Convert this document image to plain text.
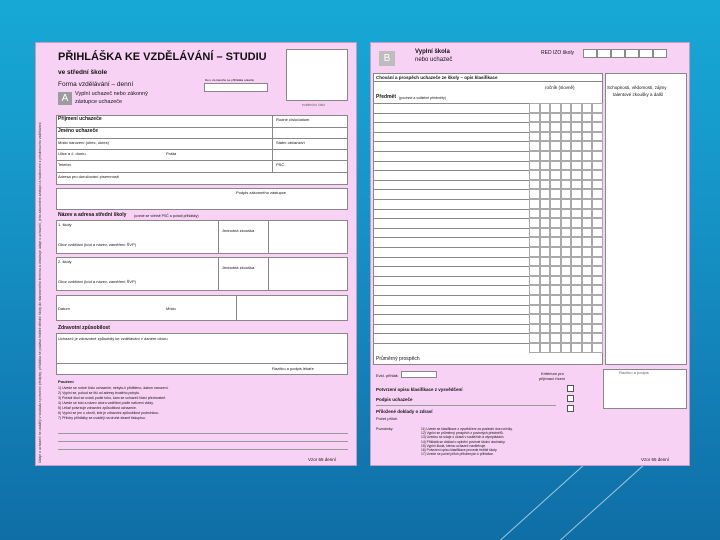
Údaje o uchazeči se uvádějí v souladu s právními předpisy; přihláška se podává řediteli střední školy do stanoveného termínu a obsahuje údaje o uchazeči, jeho zákonném zástupci a hodnocení z předchozího vzdělávání.
PŘIHLÁŠKA KE VZDĚLÁVÁNÍ – STUDIU
ve střední škole
Forma vzdělávání – denní
A	Vyplní uchazeč nebo zákonný
zástupce uchazeče
Den, do kterého se přihláška odesílá
evidenční číslo
Příjmení uchazeče	Rodné číslo/datum
Jméno uchazeče
Místo narození (obec, okres)	Státní občanství
Ulice a č. domu	Pošta
Telefon	PSČ
Adresa pro doručování písemností
Podpis zákonného zástupce
Název a adresa střední školy (uvede se včetně PSČ a pořadí přihlášky)
1. školy
Jednotná zkouška
Obor vzdělání (kód a název, zaměření ŠVP)
2. školy
Jednotná zkouška
Obor vzdělání (kód a název, zaměření ŠVP)
Datum	Místo
Zdravotní způsobilost
Uchazeč je zdravotně způsobilý ke vzdělávání v daném oboru
Razítko a podpis lékaře
Poučení
1) Uvede se rodné číslo uchazeče, nebylo-li přiděleno, datum narození.
2) Vyplní se, pokud se liší od adresy trvalého pobytu.
3) Pořadí škol se uvádí podle toho, kam se uchazeč hlásí přednostně.
4) Uvede se kód a název oboru vzdělání podle nařízení vlády.
5) Lékař potvrzuje zdravotní způsobilost uchazeče.
6) Vyplní se jen u oborů, kde je zdravotní způsobilost podmínkou.
7) Přílohy přihlášky se uvádějí na druhé straně tiskopisu.
Vzor 65 denní
B
Vyplní škola
nebo uchazeč
RED IZO školy
Chování a prospěch uchazeče ze školy – opis klasifikace
Předmět (povinné a volitelné předměty)
ročník (slovně)
Průměrný prospěch
Schopnosti, vědomosti, zájmy
talentové zkoušky a další
Evid. přihláš	Kritérium pro
přijímací řízení
Razítko a podpis
Potvrzení opisu klasifikace z vysvědčení
Podpis uchazeče
Přiložené doklady o zdraví
Počet příloh
Poznámky:	11) Uvede se klasifikace z vysvědčení za poslední dva ročníky.
12) Vyplní se průměrný prospěch z povinných předmětů.
13) Uvedou se údaje o účasti v soutěžích a olympiádách.
14) Přikládá se doklad o splnění povinné školní docházky.
15) Vyplní škola, kterou uchazeč navštěvuje.
16) Potvrzení opisu klasifikace provede ředitel školy.
17) Uvede se počet příloh přiložených k přihlášce.
Vzor 65 denní
